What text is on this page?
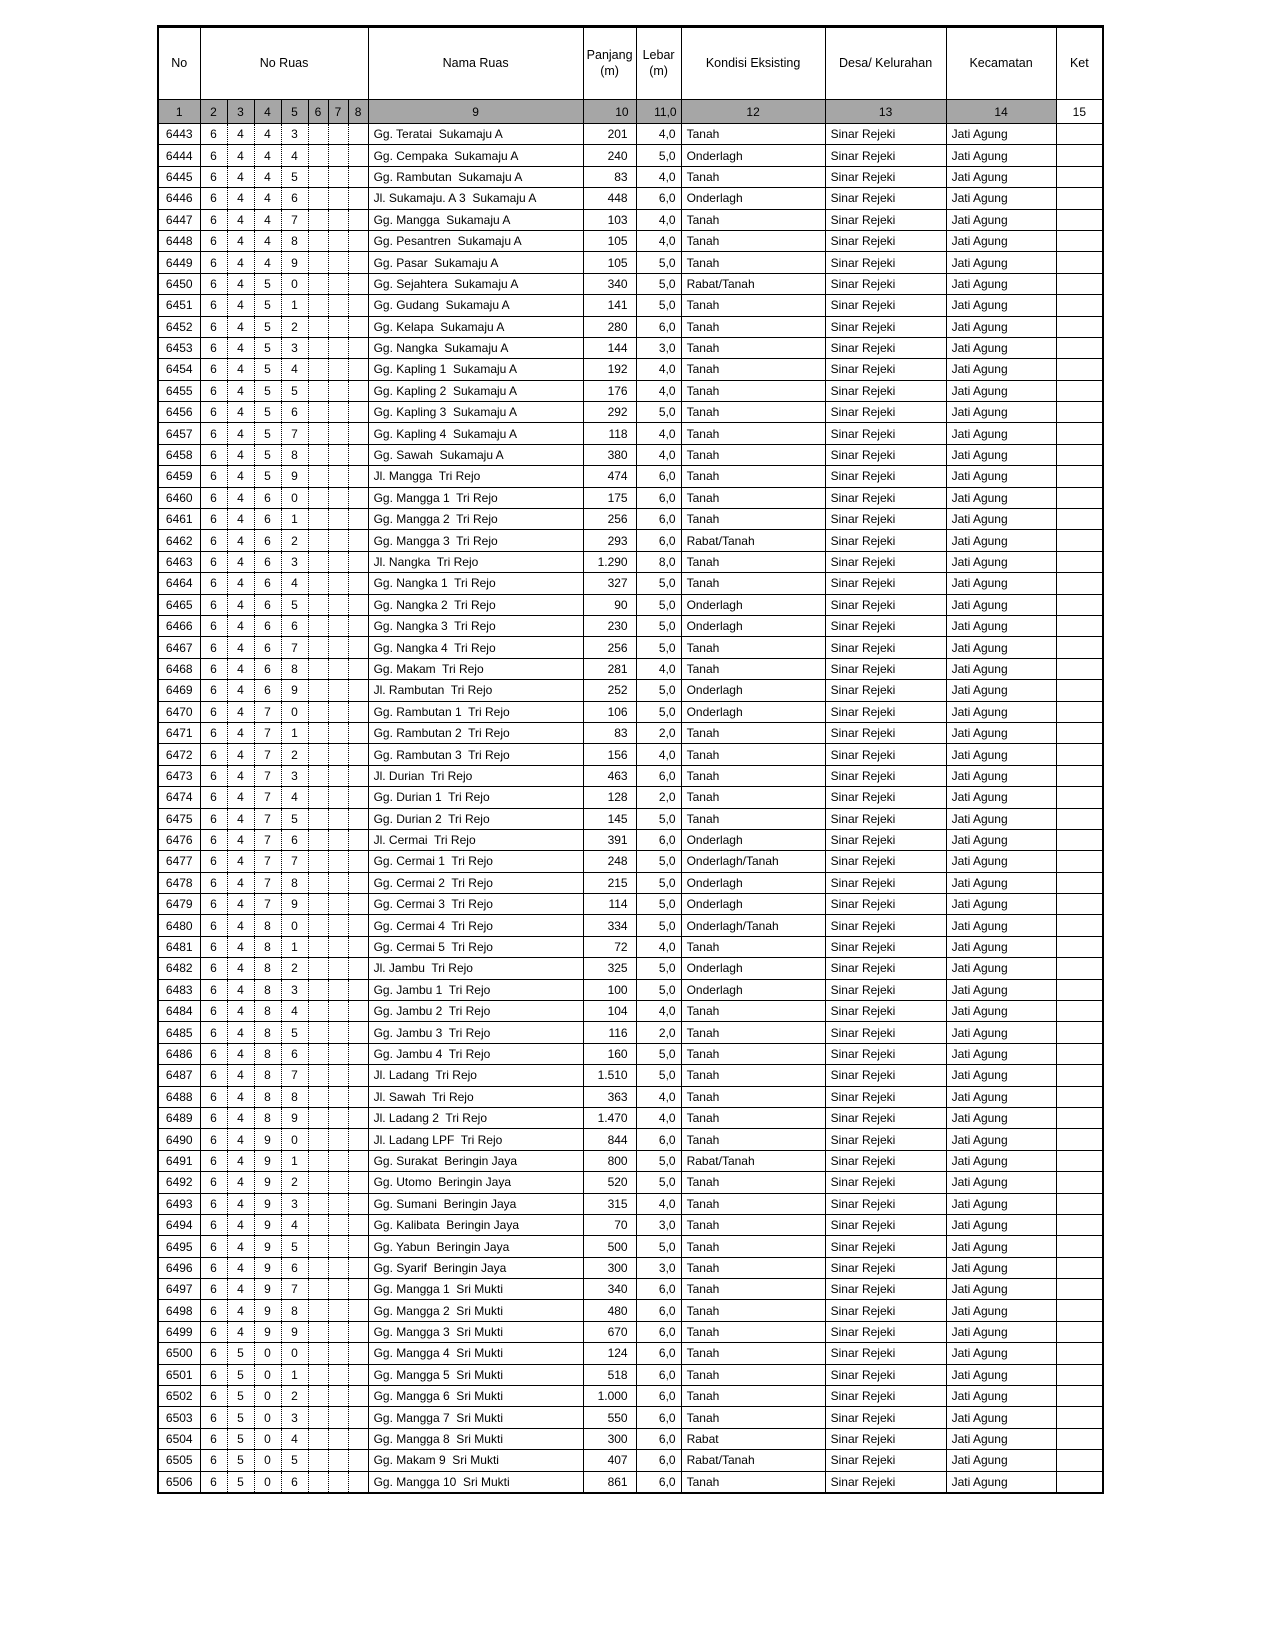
No	No Ruas							Nama Ruas	Panjang (m)	Lebar (m)	Kondisi Eksisting	Desa/ Kelurahan	Kecamatan	Ket
1	2	3	4	5	6	7	8	9	10	11,0	12	13	14	15
6443	6	4	4	3				Gg. Teratai  Sukamaju A	201	4,0	Tanah	Sinar Rejeki	Jati Agung	
6444	6	4	4	4				Gg. Cempaka  Sukamaju A	240	5,0	Onderlagh	Sinar Rejeki	Jati Agung	
6445	6	4	4	5				Gg. Rambutan  Sukamaju A	83	4,0	Tanah	Sinar Rejeki	Jati Agung	
6446	6	4	4	6				Jl. Sukamaju. A 3  Sukamaju A	448	6,0	Onderlagh	Sinar Rejeki	Jati Agung	
6447	6	4	4	7				Gg. Mangga  Sukamaju A	103	4,0	Tanah	Sinar Rejeki	Jati Agung	
6448	6	4	4	8				Gg. Pesantren  Sukamaju A	105	4,0	Tanah	Sinar Rejeki	Jati Agung	
6449	6	4	4	9				Gg. Pasar  Sukamaju A	105	5,0	Tanah	Sinar Rejeki	Jati Agung	
6450	6	4	5	0				Gg. Sejahtera  Sukamaju A	340	5,0	Rabat/Tanah	Sinar Rejeki	Jati Agung	
6451	6	4	5	1				Gg. Gudang  Sukamaju A	141	5,0	Tanah	Sinar Rejeki	Jati Agung	
6452	6	4	5	2				Gg. Kelapa  Sukamaju A	280	6,0	Tanah	Sinar Rejeki	Jati Agung	
6453	6	4	5	3				Gg. Nangka  Sukamaju A	144	3,0	Tanah	Sinar Rejeki	Jati Agung	
6454	6	4	5	4				Gg. Kapling 1  Sukamaju A	192	4,0	Tanah	Sinar Rejeki	Jati Agung	
6455	6	4	5	5				Gg. Kapling 2  Sukamaju A	176	4,0	Tanah	Sinar Rejeki	Jati Agung	
6456	6	4	5	6				Gg. Kapling 3  Sukamaju A	292	5,0	Tanah	Sinar Rejeki	Jati Agung	
6457	6	4	5	7				Gg. Kapling 4  Sukamaju A	118	4,0	Tanah	Sinar Rejeki	Jati Agung	
6458	6	4	5	8				Gg. Sawah  Sukamaju A	380	4,0	Tanah	Sinar Rejeki	Jati Agung	
6459	6	4	5	9				Jl. Mangga  Tri Rejo	474	6,0	Tanah	Sinar Rejeki	Jati Agung	
6460	6	4	6	0				Gg. Mangga 1  Tri Rejo	175	6,0	Tanah	Sinar Rejeki	Jati Agung	
6461	6	4	6	1				Gg. Mangga 2  Tri Rejo	256	6,0	Tanah	Sinar Rejeki	Jati Agung	
6462	6	4	6	2				Gg. Mangga 3  Tri Rejo	293	6,0	Rabat/Tanah	Sinar Rejeki	Jati Agung	
6463	6	4	6	3				Jl. Nangka  Tri Rejo	1.290	8,0	Tanah	Sinar Rejeki	Jati Agung	
6464	6	4	6	4				Gg. Nangka 1  Tri Rejo	327	5,0	Tanah	Sinar Rejeki	Jati Agung	
6465	6	4	6	5				Gg. Nangka 2  Tri Rejo	90	5,0	Onderlagh	Sinar Rejeki	Jati Agung	
6466	6	4	6	6				Gg. Nangka 3  Tri Rejo	230	5,0	Onderlagh	Sinar Rejeki	Jati Agung	
6467	6	4	6	7				Gg. Nangka 4  Tri Rejo	256	5,0	Tanah	Sinar Rejeki	Jati Agung	
6468	6	4	6	8				Gg. Makam  Tri Rejo	281	4,0	Tanah	Sinar Rejeki	Jati Agung	
6469	6	4	6	9				Jl. Rambutan  Tri Rejo	252	5,0	Onderlagh	Sinar Rejeki	Jati Agung	
6470	6	4	7	0				Gg. Rambutan 1  Tri Rejo	106	5,0	Onderlagh	Sinar Rejeki	Jati Agung	
6471	6	4	7	1				Gg. Rambutan 2  Tri Rejo	83	2,0	Tanah	Sinar Rejeki	Jati Agung	
6472	6	4	7	2				Gg. Rambutan 3  Tri Rejo	156	4,0	Tanah	Sinar Rejeki	Jati Agung	
6473	6	4	7	3				Jl. Durian  Tri Rejo	463	6,0	Tanah	Sinar Rejeki	Jati Agung	
6474	6	4	7	4				Gg. Durian 1  Tri Rejo	128	2,0	Tanah	Sinar Rejeki	Jati Agung	
6475	6	4	7	5				Gg. Durian 2  Tri Rejo	145	5,0	Tanah	Sinar Rejeki	Jati Agung	
6476	6	4	7	6				Jl. Cermai  Tri Rejo	391	6,0	Onderlagh	Sinar Rejeki	Jati Agung	
6477	6	4	7	7				Gg. Cermai 1  Tri Rejo	248	5,0	Onderlagh/Tanah	Sinar Rejeki	Jati Agung	
6478	6	4	7	8				Gg. Cermai 2  Tri Rejo	215	5,0	Onderlagh	Sinar Rejeki	Jati Agung	
6479	6	4	7	9				Gg. Cermai 3  Tri Rejo	114	5,0	Onderlagh	Sinar Rejeki	Jati Agung	
6480	6	4	8	0				Gg. Cermai 4  Tri Rejo	334	5,0	Onderlagh/Tanah	Sinar Rejeki	Jati Agung	
6481	6	4	8	1				Gg. Cermai 5  Tri Rejo	72	4,0	Tanah	Sinar Rejeki	Jati Agung	
6482	6	4	8	2				Jl. Jambu  Tri Rejo	325	5,0	Onderlagh	Sinar Rejeki	Jati Agung	
6483	6	4	8	3				Gg. Jambu 1  Tri Rejo	100	5,0	Onderlagh	Sinar Rejeki	Jati Agung	
6484	6	4	8	4				Gg. Jambu 2  Tri Rejo	104	4,0	Tanah	Sinar Rejeki	Jati Agung	
6485	6	4	8	5				Gg. Jambu 3  Tri Rejo	116	2,0	Tanah	Sinar Rejeki	Jati Agung	
6486	6	4	8	6				Gg. Jambu 4  Tri Rejo	160	5,0	Tanah	Sinar Rejeki	Jati Agung	
6487	6	4	8	7				Jl. Ladang  Tri Rejo	1.510	5,0	Tanah	Sinar Rejeki	Jati Agung	
6488	6	4	8	8				Jl. Sawah  Tri Rejo	363	4,0	Tanah	Sinar Rejeki	Jati Agung	
6489	6	4	8	9				Jl. Ladang 2  Tri Rejo	1.470	4,0	Tanah	Sinar Rejeki	Jati Agung	
6490	6	4	9	0				Jl. Ladang LPF  Tri Rejo	844	6,0	Tanah	Sinar Rejeki	Jati Agung	
6491	6	4	9	1				Gg. Surakat  Beringin Jaya	800	5,0	Rabat/Tanah	Sinar Rejeki	Jati Agung	
6492	6	4	9	2				Gg. Utomo  Beringin Jaya	520	5,0	Tanah	Sinar Rejeki	Jati Agung	
6493	6	4	9	3				Gg. Sumani  Beringin Jaya	315	4,0	Tanah	Sinar Rejeki	Jati Agung	
6494	6	4	9	4				Gg. Kalibata  Beringin Jaya	70	3,0	Tanah	Sinar Rejeki	Jati Agung	
6495	6	4	9	5				Gg. Yabun  Beringin Jaya	500	5,0	Tanah	Sinar Rejeki	Jati Agung	
6496	6	4	9	6				Gg. Syarif  Beringin Jaya	300	3,0	Tanah	Sinar Rejeki	Jati Agung	
6497	6	4	9	7				Gg. Mangga 1  Sri Mukti	340	6,0	Tanah	Sinar Rejeki	Jati Agung	
6498	6	4	9	8				Gg. Mangga 2  Sri Mukti	480	6,0	Tanah	Sinar Rejeki	Jati Agung	
6499	6	4	9	9				Gg. Mangga 3  Sri Mukti	670	6,0	Tanah	Sinar Rejeki	Jati Agung	
6500	6	5	0	0				Gg. Mangga 4  Sri Mukti	124	6,0	Tanah	Sinar Rejeki	Jati Agung	
6501	6	5	0	1				Gg. Mangga 5  Sri Mukti	518	6,0	Tanah	Sinar Rejeki	Jati Agung	
6502	6	5	0	2				Gg. Mangga 6  Sri Mukti	1.000	6,0	Tanah	Sinar Rejeki	Jati Agung	
6503	6	5	0	3				Gg. Mangga 7  Sri Mukti	550	6,0	Tanah	Sinar Rejeki	Jati Agung	
6504	6	5	0	4				Gg. Mangga 8  Sri Mukti	300	6,0	Rabat	Sinar Rejeki	Jati Agung	
6505	6	5	0	5				Gg. Makam 9  Sri Mukti	407	6,0	Rabat/Tanah	Sinar Rejeki	Jati Agung	
6506	6	5	0	6				Gg. Mangga 10  Sri Mukti	861	6,0	Tanah	Sinar Rejeki	Jati Agung	
